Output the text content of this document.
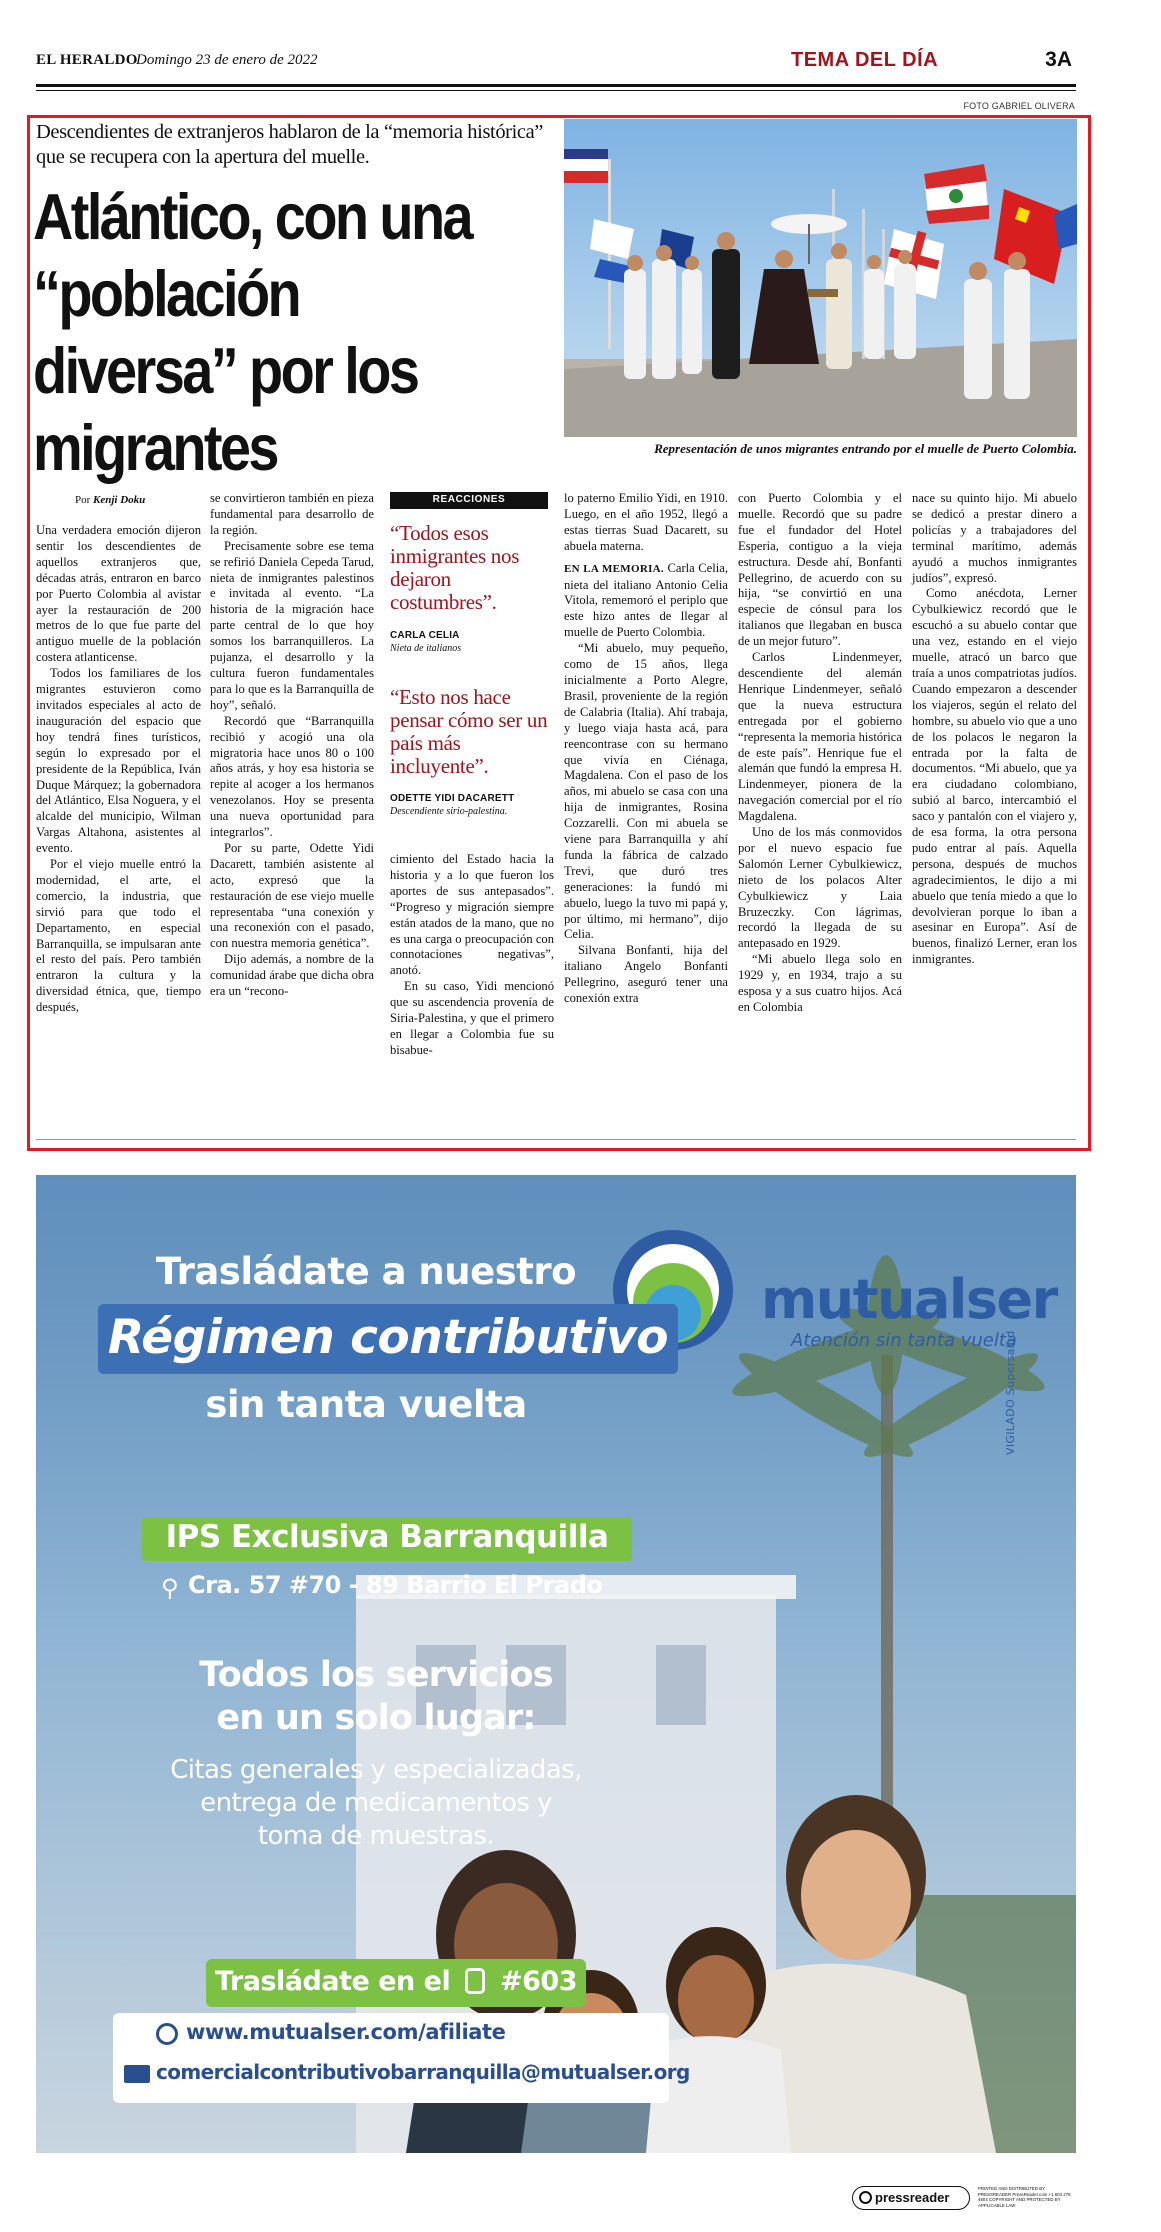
EL HERALDO
Domingo 23 de enero de 2022	TEMA DEL DÍA	3A
FOTO GABRIEL OLIVERA
Descendientes de extranjeros hablaron de la “memoria histórica” que se recupera con la apertura del muelle.
Atlántico, con una “población diversa” por los migrantes	Representación de unos migrantes entrando por el muelle de Puerto Colombia.
Por Kenji Doku

Una verdadera emoción dijeron sentir los descendientes de aquellos extranjeros que, décadas atrás, entraron en barco por Puerto Colombia al avistar ayer la restauración de 200 metros de lo que fue parte del antiguo muelle de la población costera atlanticense.

Todos los familiares de los migrantes estuvieron como invitados especiales al acto de inauguración del espacio que hoy tendrá fines turísticos, según lo expresado por el presidente de la República, Iván Duque Márquez; la gobernadora del Atlántico, Elsa Noguera, y el alcalde del municipio, Wilman Vargas Altahona, asistentes al evento.

Por el viejo muelle entró la modernidad, el arte, el comercio, la industria, que sirvió para que todo el Departamento, en especial Barranquilla, se impulsaran ante el resto del país. Pero también entraron la cultura y la diversidad étnica, que, tiempo después,

se convirtieron también en pieza fundamental para desarrollo de la región.

Precisamente sobre ese tema se refirió Daniela Cepeda Tarud, nieta de inmigrantes palestinos e invitada al evento. “La historia de la migración hace parte central de lo que hoy somos los barranquilleros. La pujanza, el desarrollo y la cultura fueron fundamentales para lo que es la Barranquilla de hoy”, señaló.

Recordó que “Barranquilla recibió y acogió una ola migratoria hace unos 80 o 100 años atrás, y hoy esa historia se repite al acoger a los hermanos venezolanos. Hoy se presenta una nueva oportunidad para integrarlos”.

Por su parte, Odette Yidi Dacarett, también asistente al acto, expresó que la restauración de ese viejo muelle representaba “una conexión y una reconexión con el pasado, con nuestra memoria genética”.

Dijo además, a nombre de la comunidad árabe que dicha obra era un “recono-

REACCIONES
“Todos esos inmigrantes nos dejaron costumbres”.
CARLA CELIA
Nieta de italianos
“Esto nos hace pensar cómo ser un país más incluyente”.
ODETTE YIDI DACARETT
Descendiente sirio-palestina.

cimiento del Estado hacia la historia y a lo que fueron los aportes de sus antepasados”. “Progreso y migración siempre están atados de la mano, que no es una carga o preocupación con connotaciones negativas”, anotó.

En su caso, Yidi mencionó que su ascendencia provenía de Siria-Palestina, y que el primero en llegar a Colombia fue su bisabue-

lo paterno Emilio Yidi, en 1910. Luego, en el año 1952, llegó a estas tierras Suad Dacarett, su abuela materna.

EN LA MEMORIA. Carla Celia, nieta del italiano Antonio Celia Vitola, rememoró el periplo que este hizo antes de llegar al muelle de Puerto Colombia.

“Mi abuelo, muy pequeño, como de 15 años, llega inicialmente a Porto Alegre, Brasil, proveniente de la región de Calabria (Italia). Ahí trabaja, y luego viaja hasta acá, para reencontrase con su hermano que vivía en Ciénaga, Magdalena. Con el paso de los años, mi abuelo se casa con una hija de inmigrantes, Rosina Cozzarelli. Con mi abuela se viene para Barranquilla y ahí funda la fábrica de calzado Trevi, que duró tres generaciones: la fundó mi abuelo, luego la tuvo mi papá y, por último, mi hermano”, dijo Celia.

Silvana Bonfanti, hija del italiano Angelo Bonfanti Pellegrino, aseguró tener una conexión extra

con Puerto Colombia y el muelle. Recordó que su padre fue el fundador del Hotel Esperia, contiguo a la vieja estructura. Desde ahí, Bonfanti Pellegrino, de acuerdo con su hija, “se convirtió en una especie de cónsul para los italianos que llegaban en busca de un mejor futuro”.

Carlos Lindenmeyer, descendiente del alemán Henrique Lindenmeyer, señaló que la nueva estructura entregada por el gobierno “representa la memoria histórica de este país”. Henrique fue el alemán que fundó la empresa H. Lindenmeyer, pionera de la navegación comercial por el río Magdalena.

Uno de los más conmovidos por el nuevo espacio fue Salomón Lerner Cybulkiewicz, nieto de los polacos Alter Cybulkiewicz y Laia Bruzeczky. Con lágrimas, recordó la llegada de su antepasado en 1929.

“Mi abuelo llega solo en 1929 y, en 1934, trajo a su esposa y a sus cuatro hijos. Acá en Colombia

nace su quinto hijo. Mi abuelo se dedicó a prestar dinero a policías y a trabajadores del terminal marítimo, además ayudó a muchos inmigrantes judíos”, expresó.

Como anécdota, Lerner Cybulkiewicz recordó que le escuchó a su abuelo contar que una vez, estando en el viejo muelle, atracó un barco que traía a unos compatriotas judíos. Cuando empezaron a descender los viajeros, según el relato del hombre, su abuelo vio que a uno de los polacos le negaron la entrada por la falta de documentos. “Mi abuelo, que ya era ciudadano colombiano, subió al barco, intercambió el saco y pantalón con el viajero y, de esa forma, la otra persona pudo entrar al país. Aquella persona, después de muchos agradecimientos, le dijo a mi abuelo que tenía miedo a que lo devolvieran porque lo iban a asesinar en Europa”. Así de buenos, finalizó Lerner, eran los inmigrantes.

⚲
mutualser
Atención sin tanta vuelta
VIGILADO Supersalud
Trasládate a nuestro
Régimen contributivo
sin tanta vuelta
IPS Exclusiva Barranquilla
Cra. 57 #70 - 89 Barrio El Prado
Todos los servicios
en un solo lugar:
Citas generales y especializadas,
entrega de medicamentos y
toma de muestras.
Trasládate en el #603
www.mutualser.com/afiliate
comercialcontributivobarranquilla@mutualser.org
pressreader
PRINTED AND DISTRIBUTED BY PRESSREADER PressReader.com +1 604 278 4604 COPYRIGHT AND PROTECTED BY APPLICABLE LAW
